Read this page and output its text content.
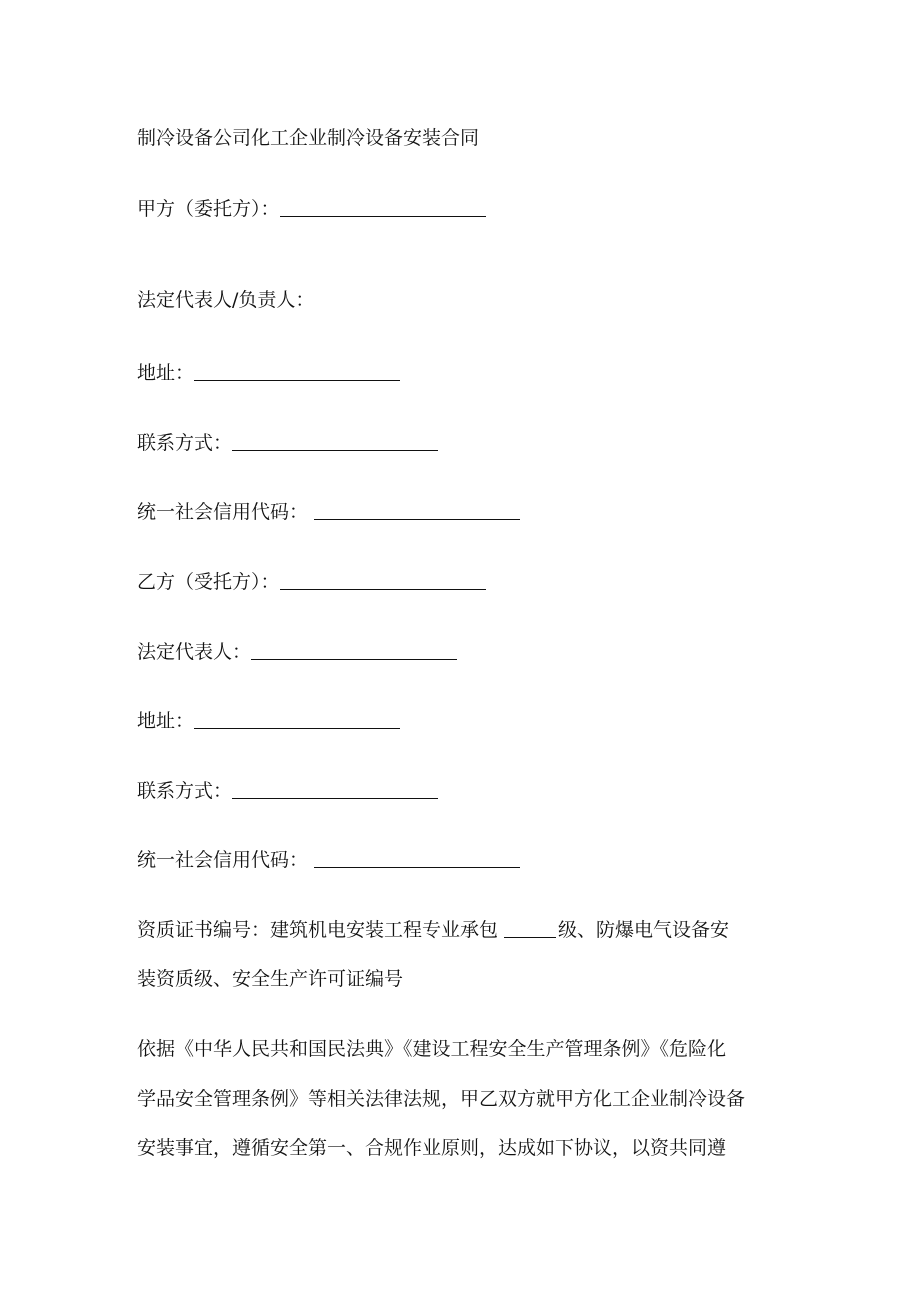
制冷设备公司化工企业制冷设备安装合同
甲方（委托方）：
法定代表人/负责人：
地址：
联系方式：
统一社会信用代码：
乙方（受托方）：
法定代表人：
地址：
联系方式：
统一社会信用代码：
资质证书编号：建筑机电安装工程专业承包	级、防爆电气设备安
装资质级、安全生产许可证编号
依据《中华人民共和国民法典》《建设工程安全生产管理条例》《危险化
学品安全管理条例》等相关法律法规，甲乙双方就甲方化工企业制冷设备
安装事宜，遵循安全第一、合规作业原则，达成如下协议，以资共同遵
